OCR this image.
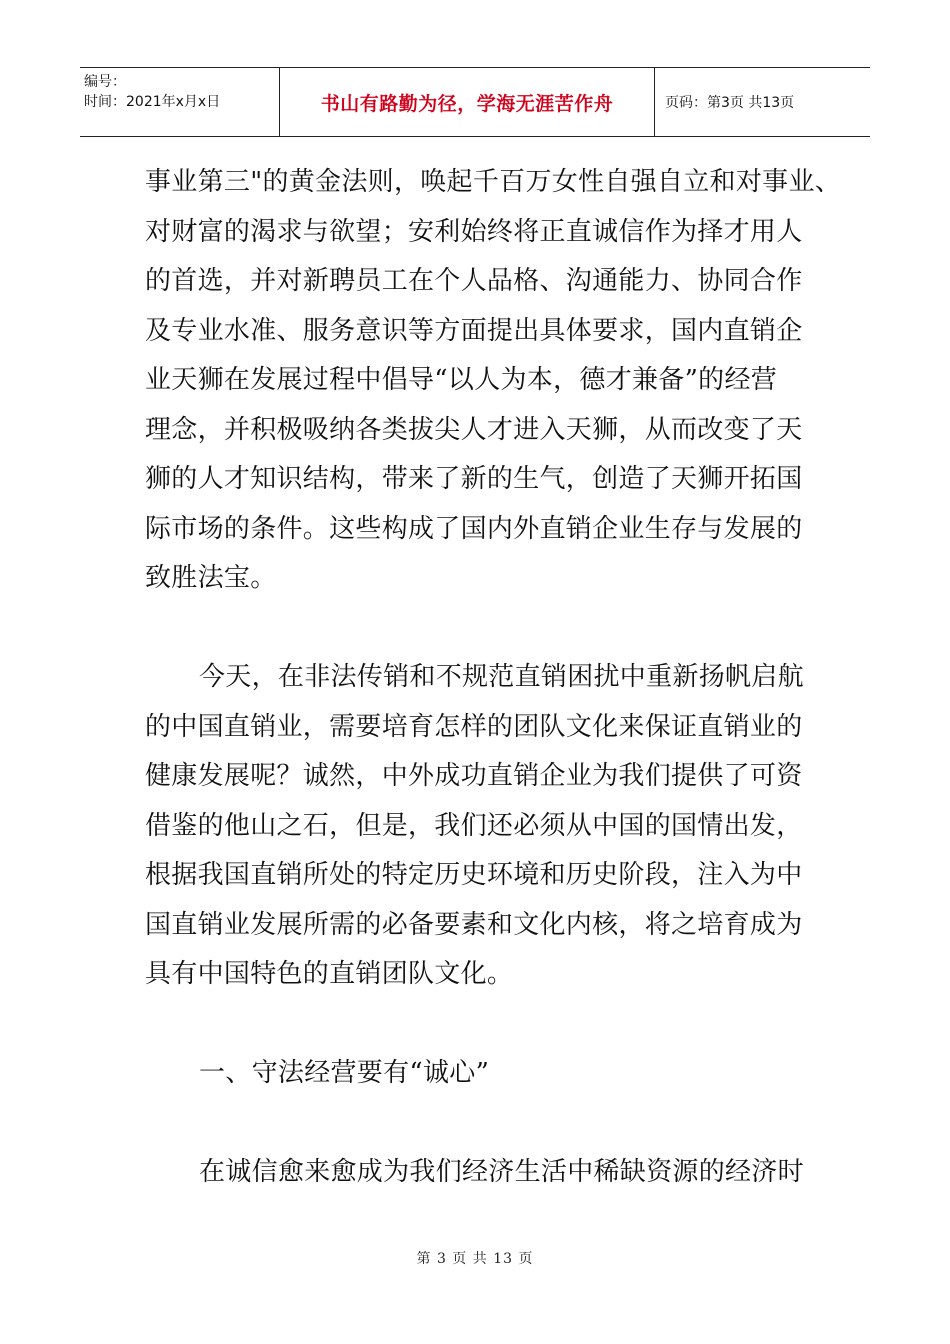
编号：
时间：2021年x月x日	书山有路勤为径，学海无涯苦作舟	页码：第3页 共13页
事业第三"的黄金法则，唤起千百万女性自强自立和对事业、
对财富的渴求与欲望；安利始终将正直诚信作为择才用人
的首选，并对新聘员工在个人品格、沟通能力、协同合作
及专业水准、服务意识等方面提出具体要求，国内直销企
业天狮在发展过程中倡导“以人为本，德才兼备”的经营
理念，并积极吸纳各类拔尖人才进入天狮，从而改变了天
狮的人才知识结构，带来了新的生气，创造了天狮开拓国
际市场的条件。这些构成了国内外直销企业生存与发展的
致胜法宝。
今天，在非法传销和不规范直销困扰中重新扬帆启航
的中国直销业，需要培育怎样的团队文化来保证直销业的
健康发展呢？诚然，中外成功直销企业为我们提供了可资
借鉴的他山之石，但是，我们还必须从中国的国情出发，
根据我国直销所处的特定历史环境和历史阶段，注入为中
国直销业发展所需的必备要素和文化内核，将之培育成为
具有中国特色的直销团队文化。
一、守法经营要有“诚心”
在诚信愈来愈成为我们经济生活中稀缺资源的经济时
第 3 页 共 13 页
